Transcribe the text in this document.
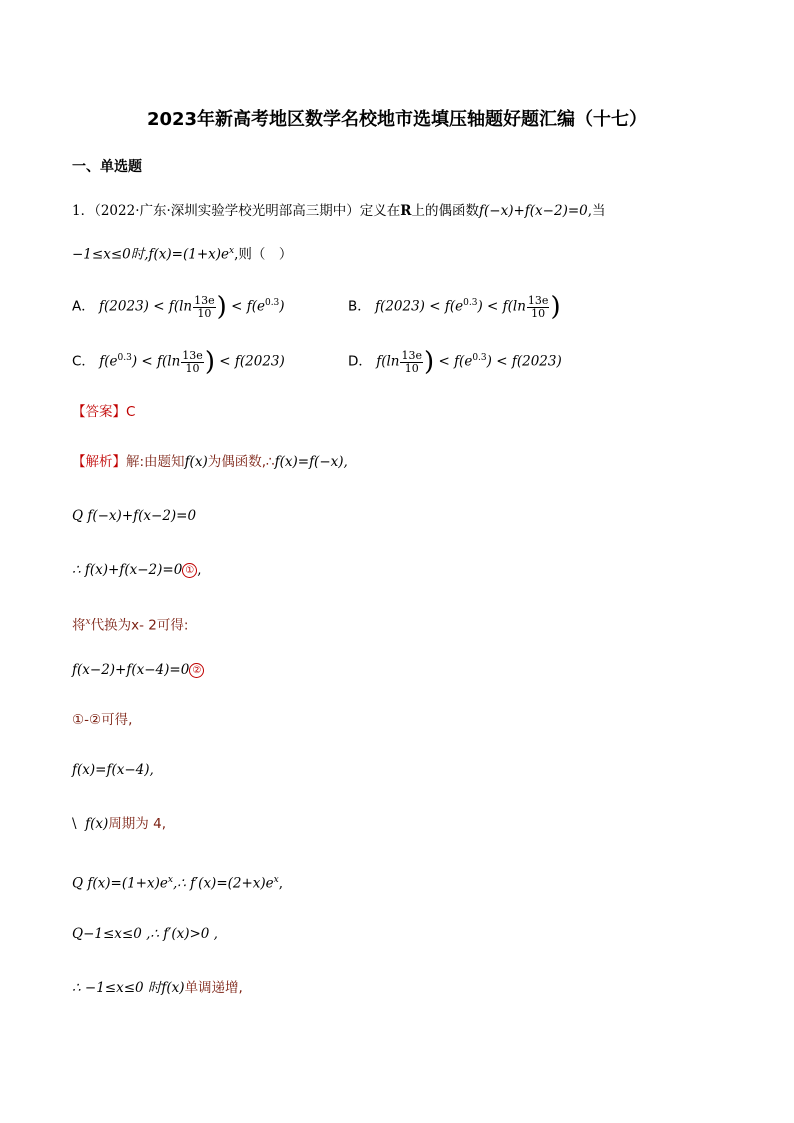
2023年新高考地区数学名校地市选填压轴题好题汇编（十七）
一、单选题
1．（2022·广东·深圳实验学校光明部高三期中）定义在R上的偶函数f(−x)+f(x−2)=0,当
−1≤x≤0时$,f(x)=(1+x)e^x$,则（　）
A． $f(2023) < f(\ln \frac{13e}{10}$ ) < $f(e^{0.3})$	B． $f(2023) < f(e^{0.3}) < f(\ln \frac{13e}{10}$ )
C． $f(e^{0.3}) < f(\ln \frac{13e}{10}$ ) < f(2023)	D． $f(\ln \frac{13e}{10}$ ) < $f(e^{0.3}) < f(2023)$
【答案】C
【解析】解:由题知f(x)为偶函数,∴f(x)=f(−x),
Q f(−x)+f(x−2)=0
∴ f(x)+f(x−2)=0 ① ,
将$^x$代换为x- 2可得:
f(x−2)+f(x−4)=0 ②
①-②可得,
f(x)=f(x−4),
\ f(x)周期为 4,
Q $f(x)=(1+x)e^x,\therefore$ $f'(x)=(2+x)e^x$,
Q−1≤x≤0 ,∴ f′(x)>0 ,
∴ −1≤x≤0 时f(x)单调递增,
